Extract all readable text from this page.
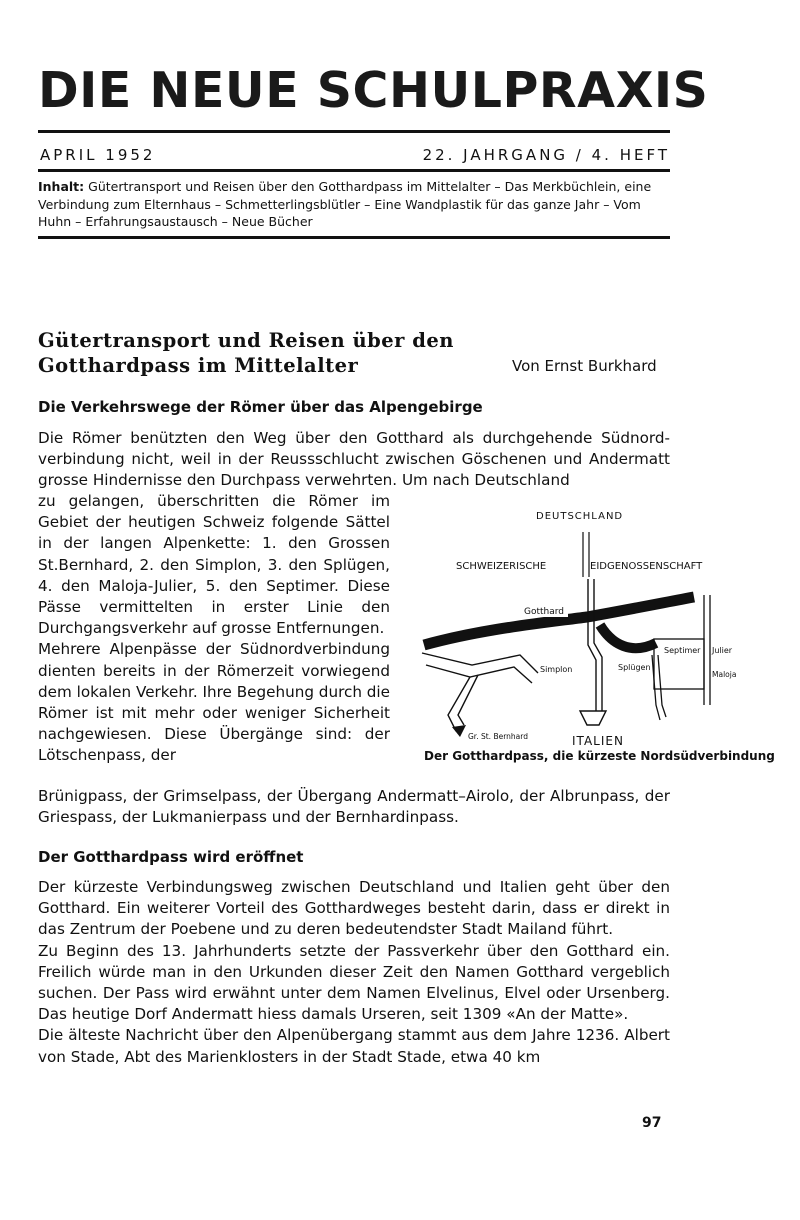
DIE NEUE SCHULPRAXIS
APRIL 1952	22. JAHRGANG / 4. HEFT
Inhalt: Gütertransport und Reisen über den Gotthardpass im Mittelalter – Das Merkbüchlein, eine Verbindung zum Elternhaus – Schmetterlingsblütler – Eine Wandplastik für das ganze Jahr – Vom Huhn – Erfahrungsaustausch – Neue Bücher
Gütertransport und Reisen über den
Gotthardpass im Mittelalter	Von Ernst Burkhard
Die Verkehrswege der Römer über das Alpengebirge
Die Römer benützten den Weg über den Gotthard als durchgehende Südnordverbindung nicht, weil in der Reussschlucht zwischen Göschenen und Andermatt grosse Hindernisse den Durchpass verwehrten. Um nach Deutschland

zu gelangen, überschritten die Römer im Gebiet der heutigen Schweiz folgende Sättel in der langen Alpenkette: 1. den Grossen St.Bernhard, 2. den Simplon, 3. den Splügen, 4. den Maloja-Julier, 5. den Septimer. Diese Pässe vermittelten in erster Linie den Durchgangsverkehr auf grosse Entfernungen.

Mehrere Alpenpässe der Südnordverbindung dienten bereits in der Römerzeit vorwiegend dem lokalen Verkehr. Ihre Begehung durch die Römer ist mit mehr oder weniger Sicherheit nachgewiesen. Diese Übergänge sind: der Lötschenpass, der

Brünigpass, der Grimselpass, der Übergang Andermatt–Airolo, der Albrunpass, der Griespass, der Lukmanierpass und der Bernhardinpass.
DEUTSCHLAND
SCHWEIZERISCHE	EIDGENOSSENSCHAFT
Gotthard
Simplon
Gr. St. Bernhard
Splügen
Septimer Julier
Maloja
ITALIEN
Der Gotthardpass, die kürzeste Nordsüdverbindung
Der Gotthardpass wird eröffnet

Der kürzeste Verbindungsweg zwischen Deutschland und Italien geht über den Gotthard. Ein weiterer Vorteil des Gotthardweges besteht darin, dass er direkt in das Zentrum der Poebene und zu deren bedeutendster Stadt Mailand führt.

Zu Beginn des 13. Jahrhunderts setzte der Passverkehr über den Gotthard ein. Freilich würde man in den Urkunden dieser Zeit den Namen Gotthard vergeblich suchen. Der Pass wird erwähnt unter dem Namen Elvelinus, Elvel oder Ursenberg. Das heutige Dorf Andermatt hiess damals Urseren, seit 1309 «An der Matte».

Die älteste Nachricht über den Alpenübergang stammt aus dem Jahre 1236. Albert von Stade, Abt des Marienklosters in der Stadt Stade, etwa 40 km

97
